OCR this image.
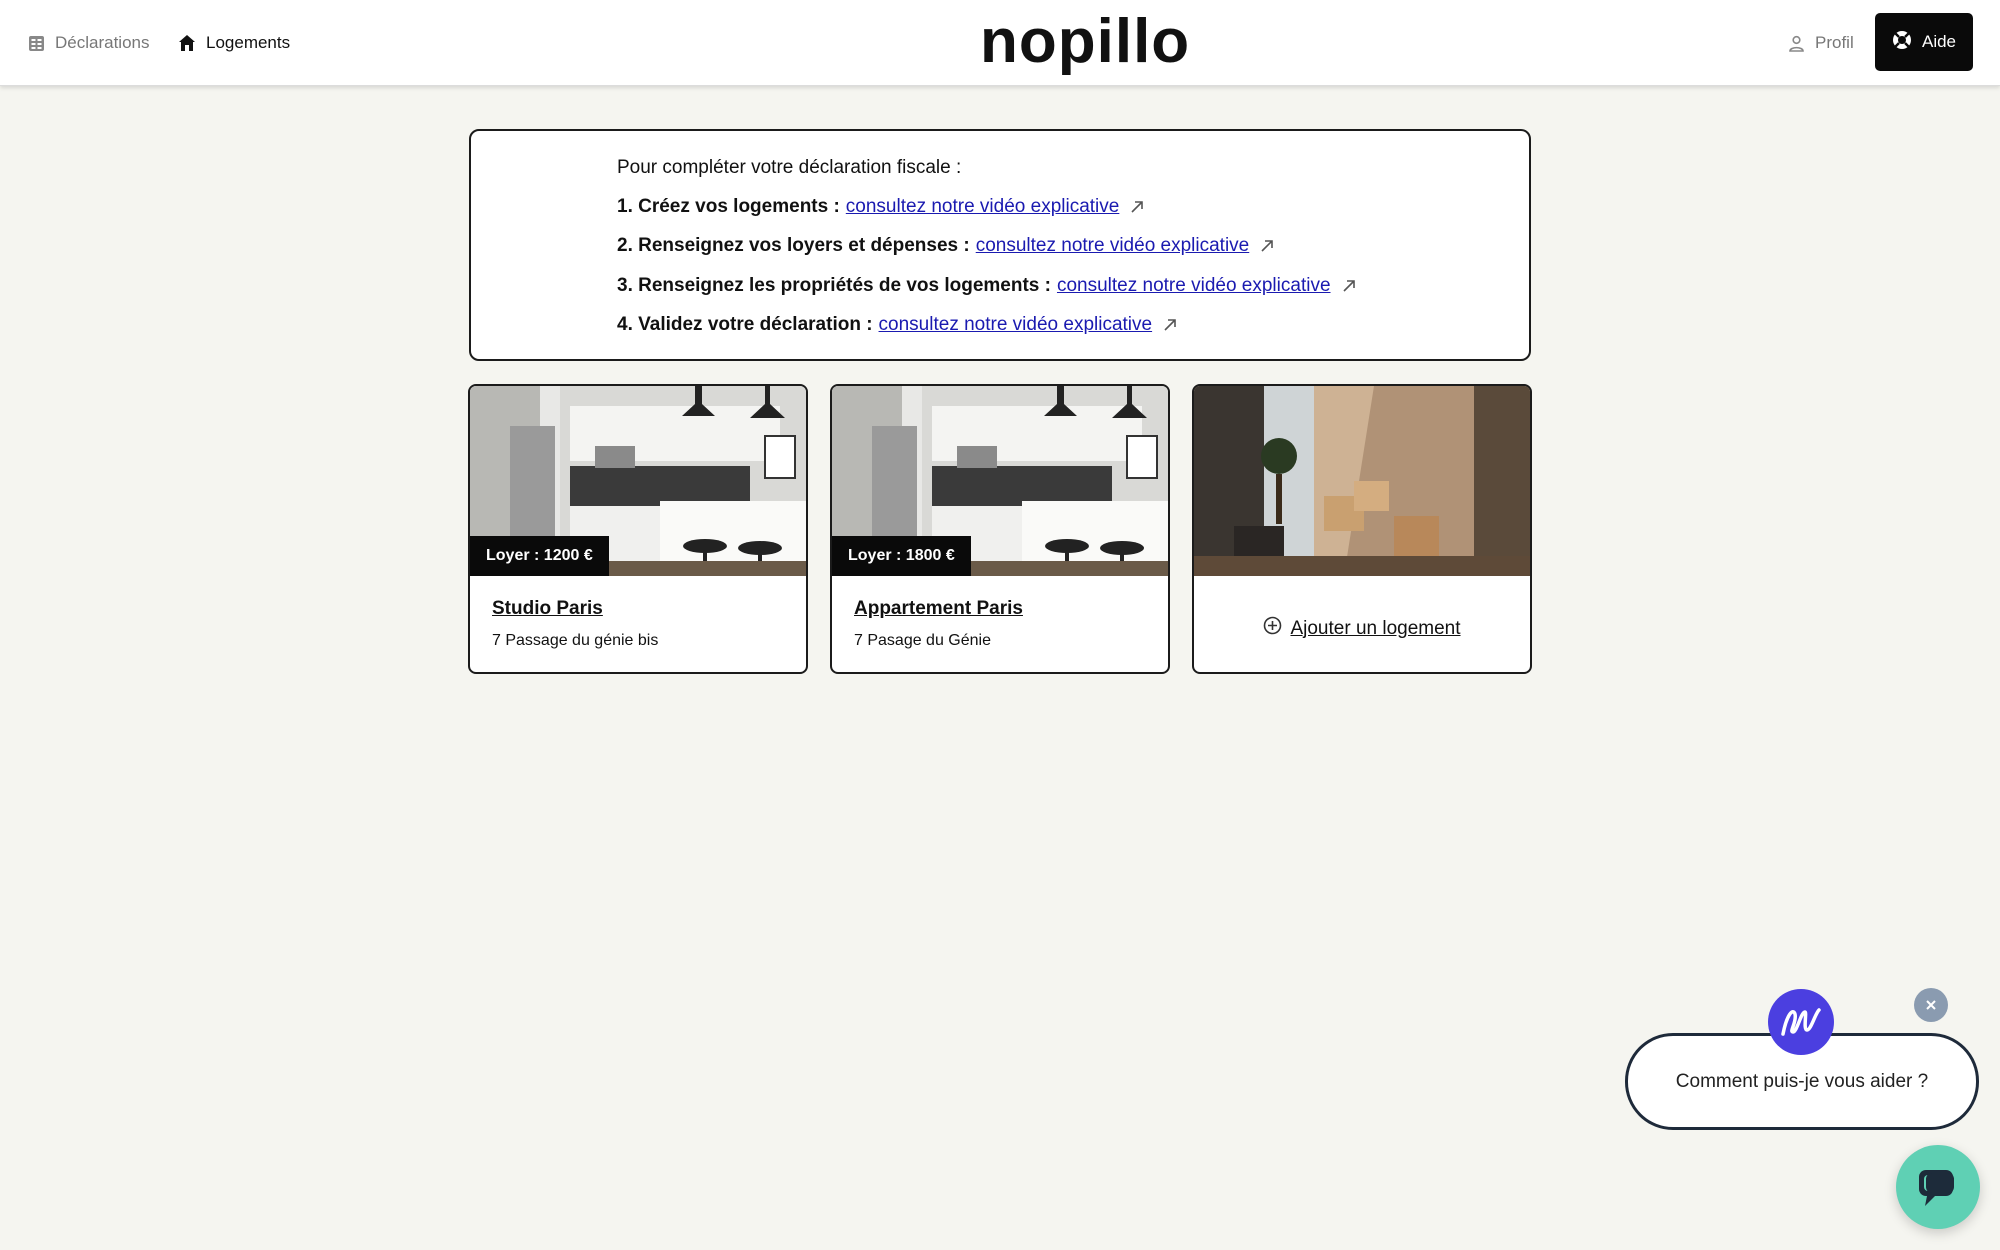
Déclarations	Logements	nopillo	Profil	Aide
Pour compléter votre déclaration fiscale :
1. Créez vos logements : consultez notre vidéo explicative
2. Renseignez vos loyers et dépenses : consultez notre vidéo explicative
3. Renseignez les propriétés de vos logements : consultez notre vidéo explicative
4. Validez votre déclaration : consultez notre vidéo explicative
Loyer : 1200 €
Studio Paris
7 Passage du génie bis
Loyer : 1800 €
Appartement Paris
7 Pasage du Génie
Ajouter un logement
Comment puis-je vous aider ?
